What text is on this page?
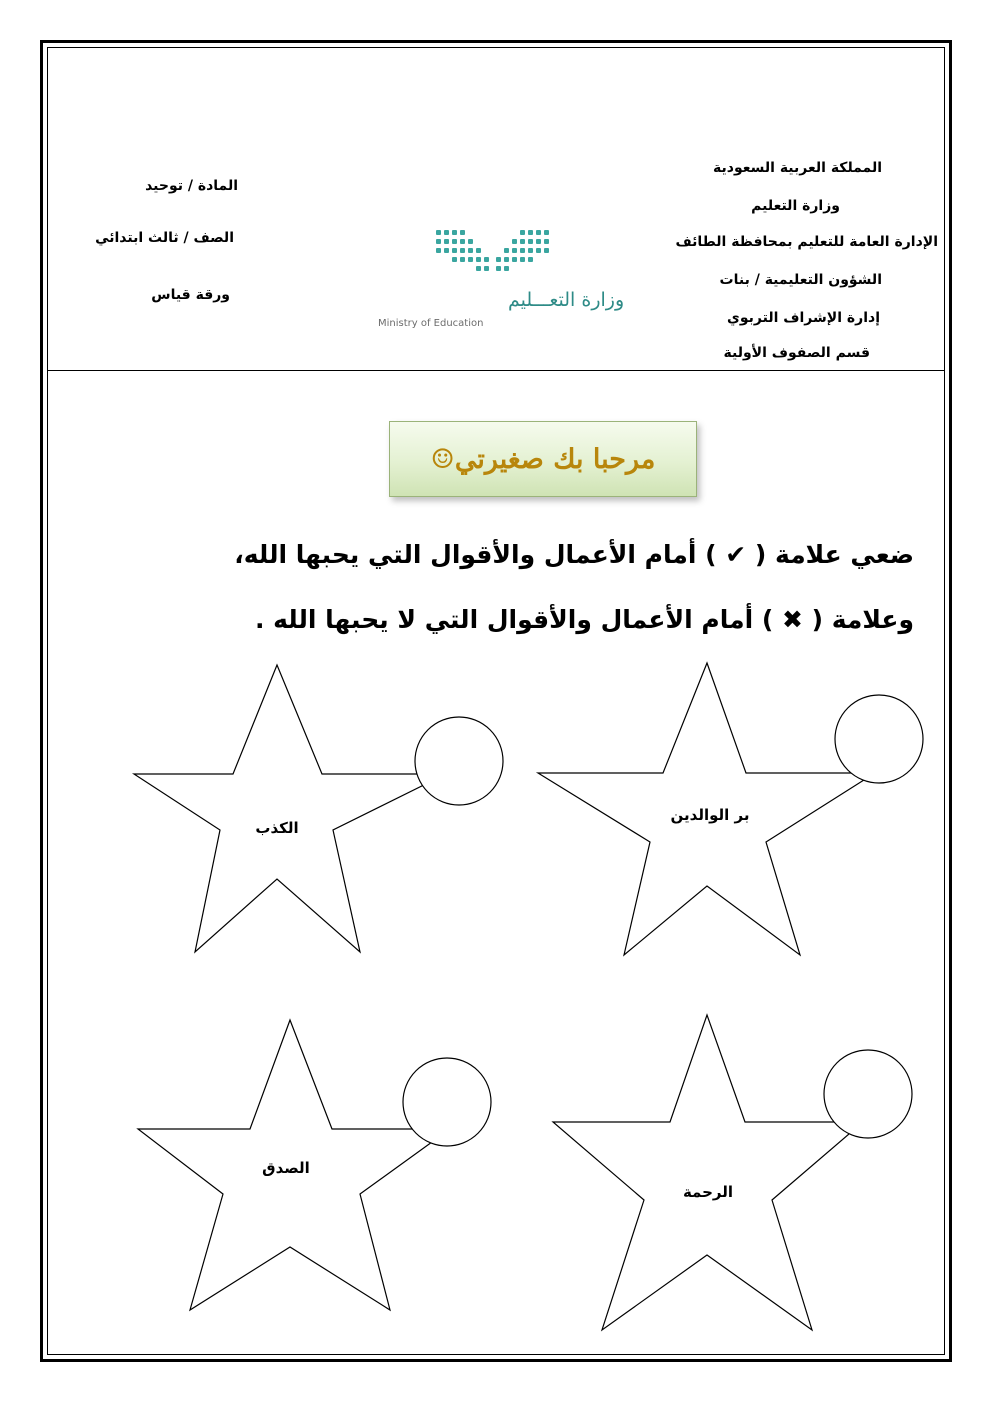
المملكة العربية السعودية
وزارة التعليم
الإدارة العامة للتعليم بمحافظة الطائف
الشؤون التعليمية / بنات
إدارة الإشراف التربوي
قسم الصفوف الأولية
المادة / توحيد
الصف / ثالث ابتدائي
ورقة قياس	وزارة التعـــليم
Ministry of Education
مرحبا بك صغيرتي☺
ضعي علامة ( ✔ ) أمام الأعمال والأقوال التي يحبها الله،
وعلامة ( ✖ ) أمام الأعمال والأقوال التي لا يحبها الله .
الكذب
بر الوالدين
الصدق
الرحمة
